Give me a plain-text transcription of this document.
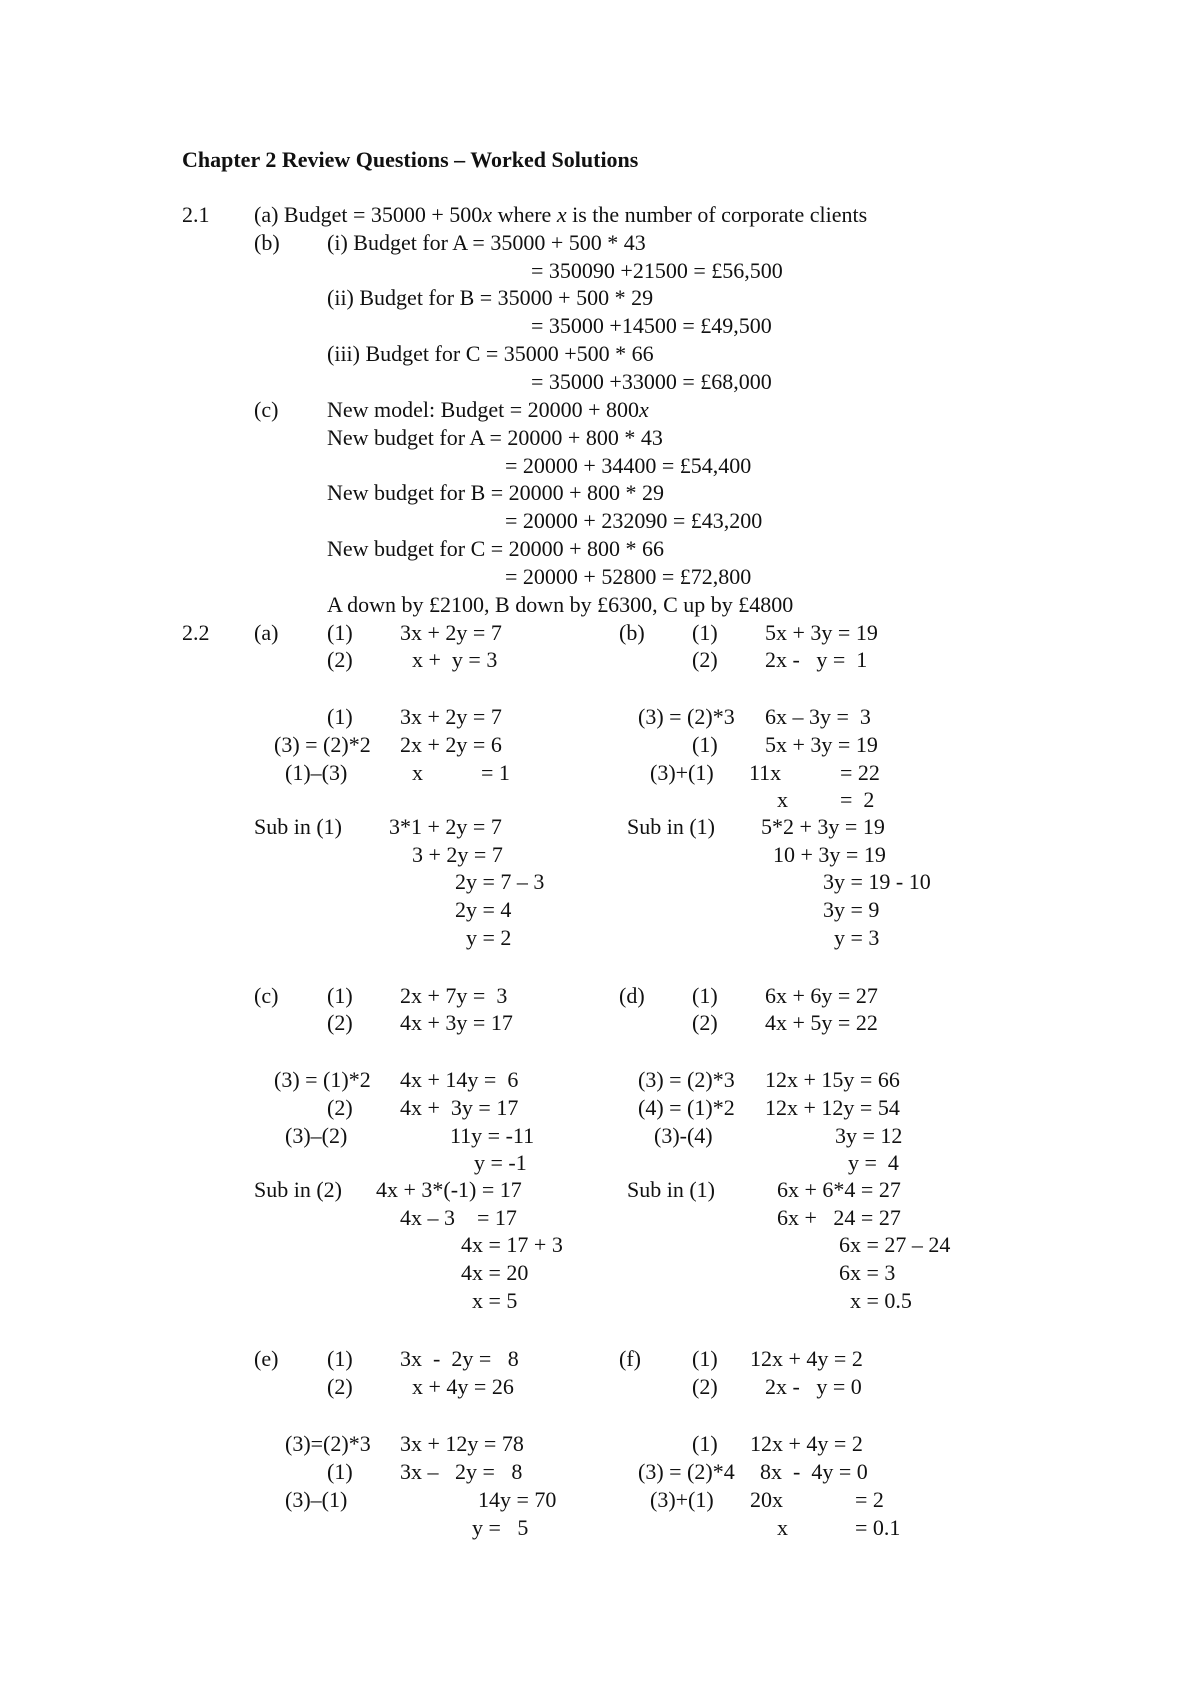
Chapter 2 Review Questions – Worked Solutions
2.1 (a) Budget = 35000 + 500x where x is the number of corporate clients
(b) (i) Budget for A = 35000 + 500 * 43
= 350090 +21500 = £56,500
(ii) Budget for B = 35000 + 500 * 29
= 35000 +14500 = £49,500
(iii) Budget for C = 35000 +500 * 66
= 35000 +33000 = £68,000
(c) New model: Budget = 20000 + 800x
New budget for A = 20000 + 800 * 43
= 20000 + 34400 = £54,400
New budget for B = 20000 + 800 * 29
= 20000 + 232090 = £43,200
New budget for C = 20000 + 800 * 66
= 20000 + 52800 = £72,800
A down by £2100, B down by £6300, C up by £4800
2.2 (a) (1) 3x + 2y = 7
(2)	x +  y = 3
(1) 3x + 2y = 7
(3) = (2)*2 2x + 2y = 6
(1)–(3)	x	= 1
Sub in (1) 3*1 + 2y = 7
3 + 2y = 7
2y = 7 – 3
2y = 4
y = 2
(b) (1) 5x + 3y = 19
(2) 2x -   y =  1
(3) = (2)*3 6x – 3y =  3
(1) 5x + 3y = 19
(3)+(1) 11x	= 22
x =  2
Sub in (1) 5*2 + 3y = 19
10 + 3y = 19
3y = 19 - 10
3y = 9
y = 3
(c) (1) 2x + 7y =  3
(2) 4x + 3y = 17
(3) = (1)*2 4x + 14y =  6
(2) 4x +  3y = 17
(3)–(2)	11y = -11
y = -1
Sub in (2) 4x + 3*(-1) = 17
4x – 3    = 17
4x = 17 + 3
4x = 20
x = 5
(d) (1) 6x + 6y = 27
(2) 4x + 5y = 22
(3) = (2)*3 12x + 15y = 66
(4) = (1)*2 12x + 12y = 54
(3)-(4)	3y = 12
y =  4
Sub in (1)	6x + 6*4 = 27
6x +   24 = 27
6x = 27 – 24
6x = 3
x = 0.5
(e) (1) 3x  -  2y =   8
(2)	x + 4y = 26
(3)=(2)*3 3x + 12y = 78
(1) 3x –   2y =   8
(3)–(1)	14y = 70
y =   5
(f) (1) 12x + 4y = 2
(2) 2x -   y = 0
(1) 12x + 4y = 2
(3) = (2)*4 8x  -  4y = 0
(3)+(1) 20x	= 2
x	= 0.1
